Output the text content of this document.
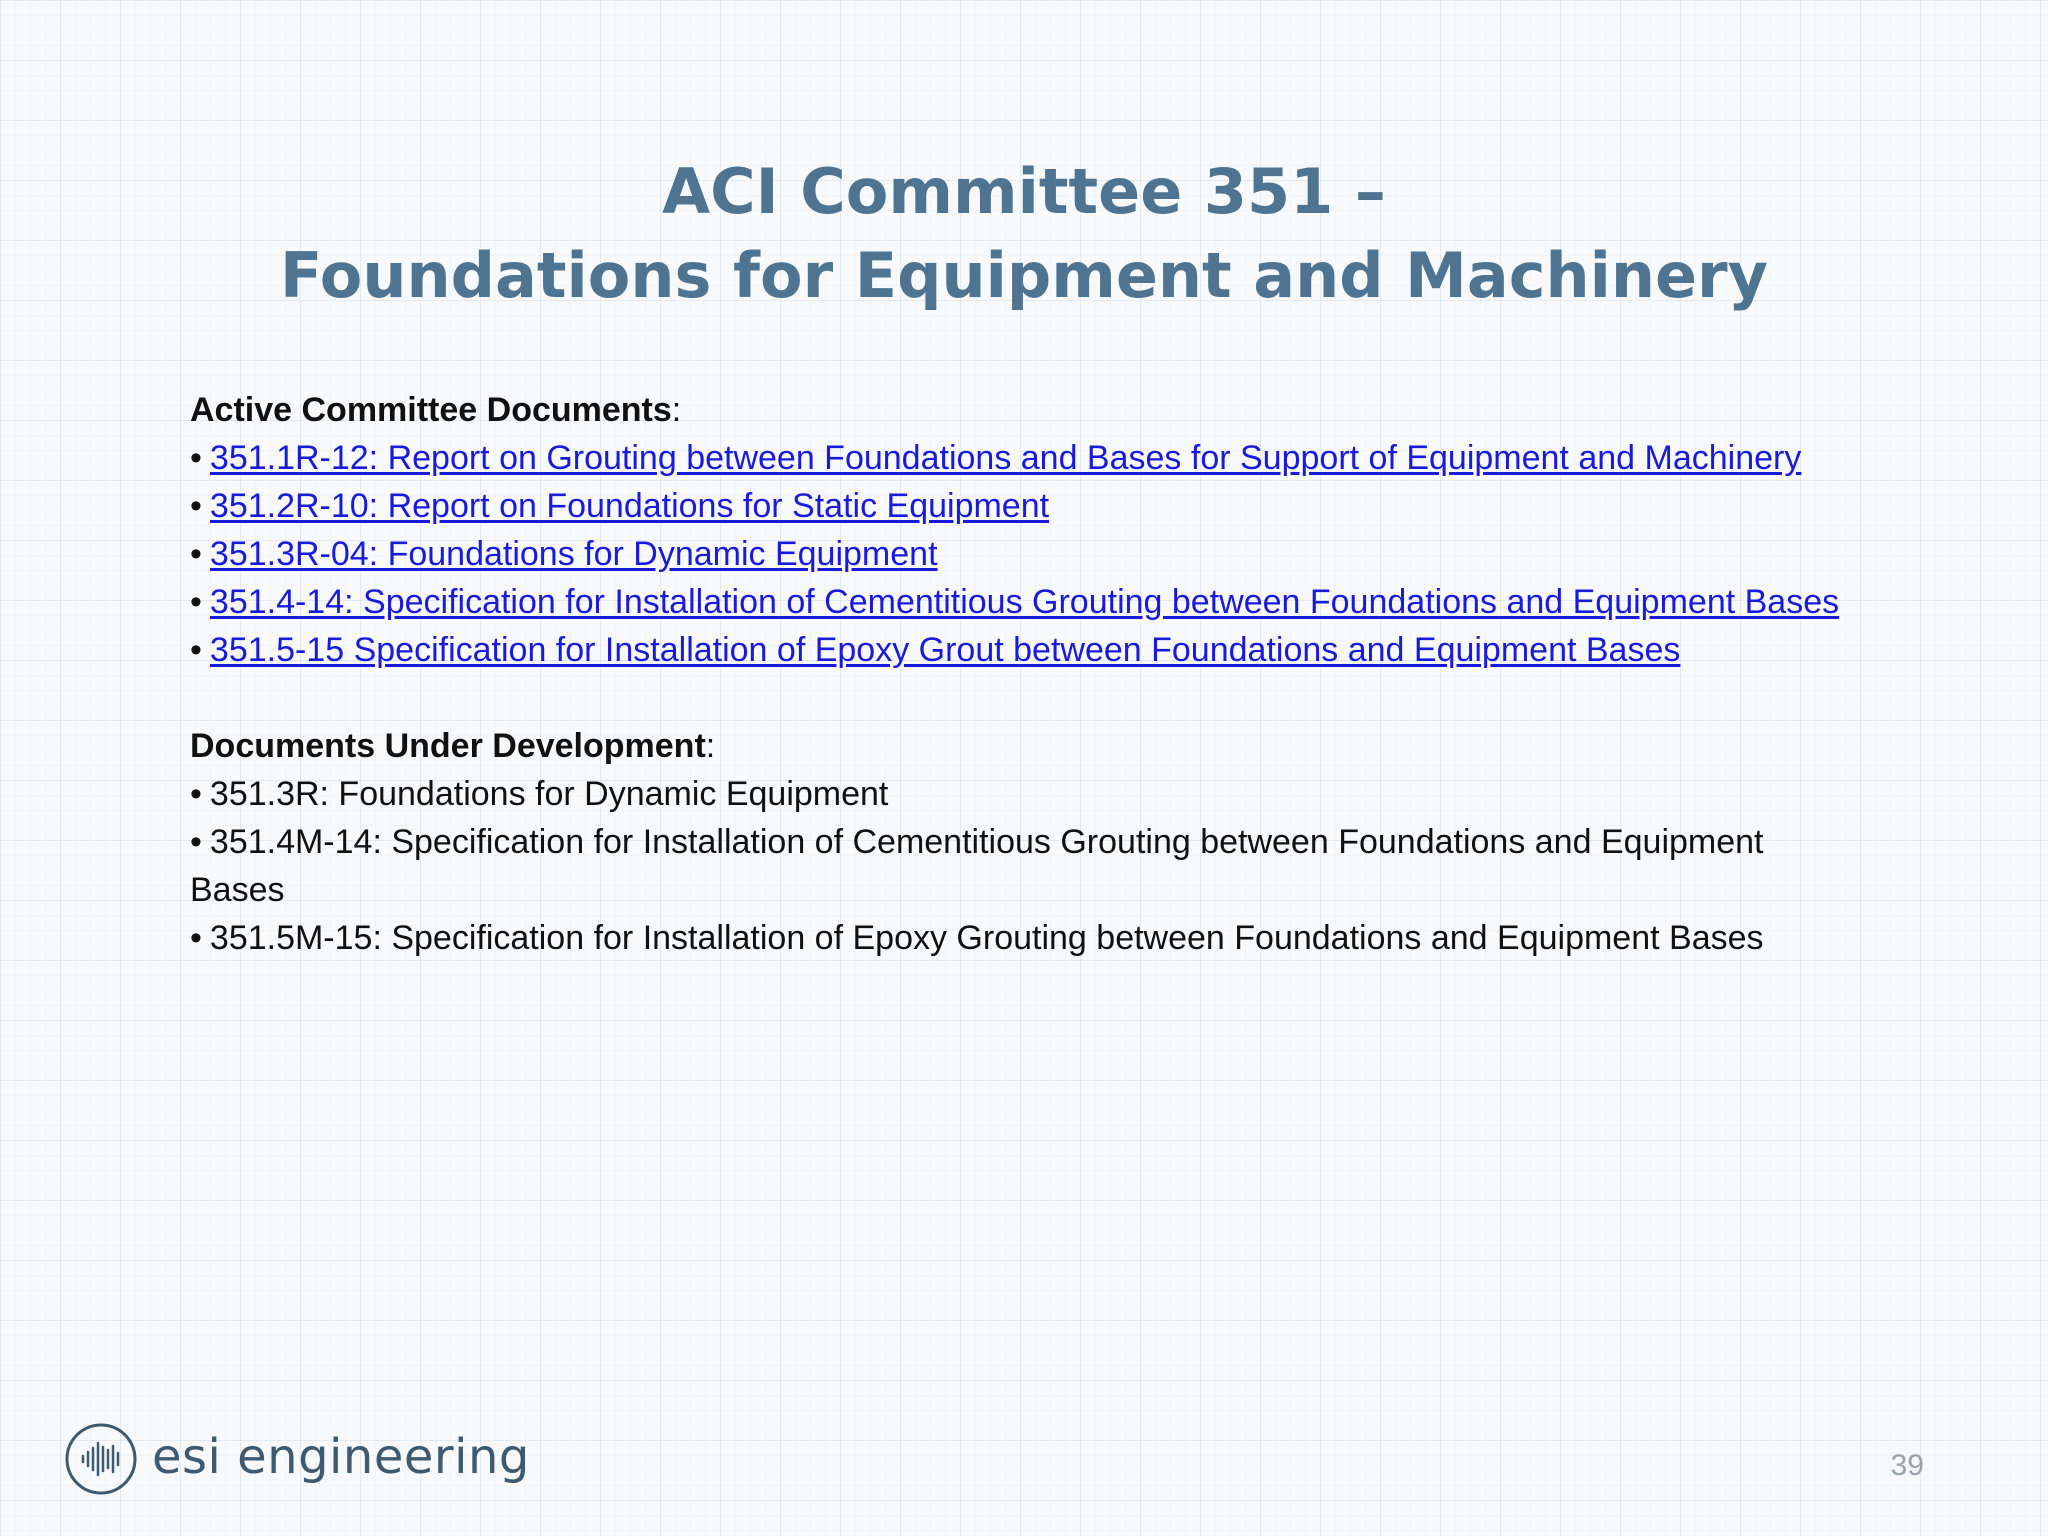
ACI Committee 351 –
Foundations for Equipment and Machinery

Active Committee Documents:

• 351.1R-12: Report on Grouting between Foundations and Bases for Support of Equipment and Machinery
• 351.2R-10: Report on Foundations for Static Equipment
• 351.3R-04: Foundations for Dynamic Equipment
• 351.4-14: Specification for Installation of Cementitious Grouting between Foundations and Equipment Bases
• 351.5-15 Specification for Installation of Epoxy Grout between Foundations and Equipment Bases

Documents Under Development:

• 351.3R: Foundations for Dynamic Equipment
• 351.4M-14: Specification for Installation of Cementitious Grouting between Foundations and Equipment Bases
• 351.5M-15: Specification for Installation of Epoxy Grouting between Foundations and Equipment Bases
esi engineering	39
